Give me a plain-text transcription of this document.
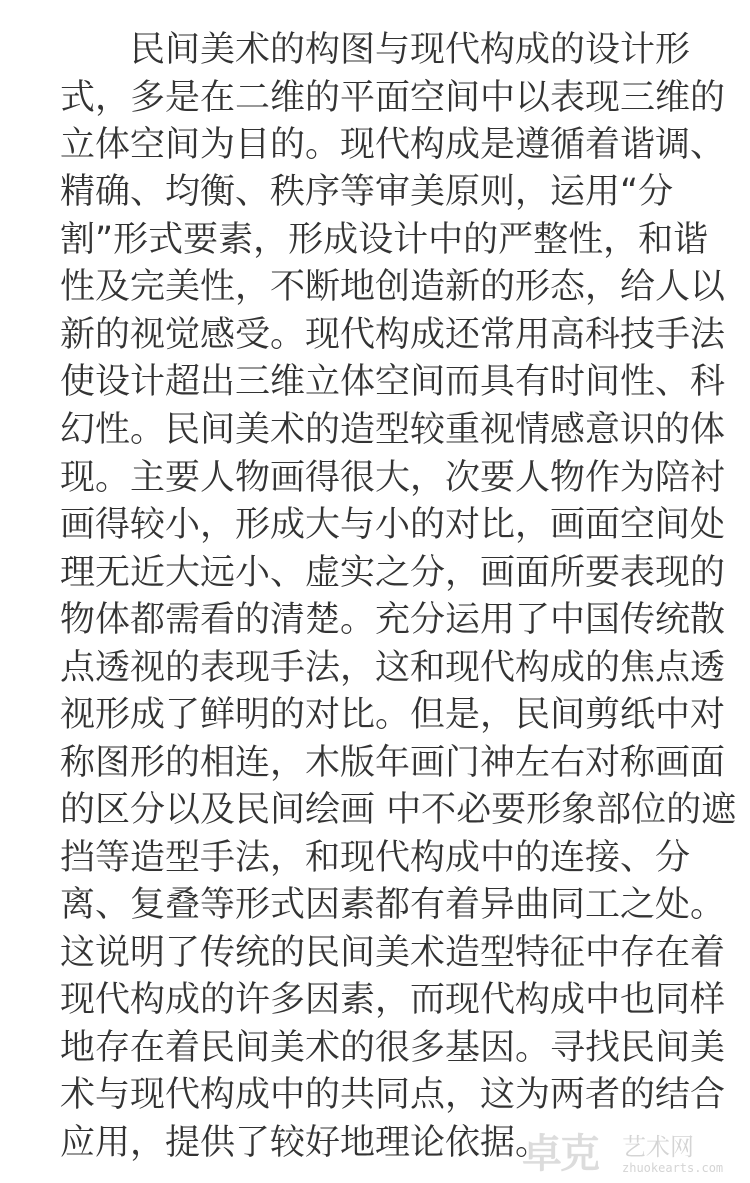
民间美术的构图与现代构成的设计形
式，多是在二维的平面空间中以表现三维的
立体空间为目的。现代构成是遵循着谐调、
精确、均衡、秩序等审美原则，运用“分
割”形式要素，形成设计中的严整性，和谐
性及完美性，不断地创造新的形态，给人以
新的视觉感受。现代构成还常用高科技手法
使设计超出三维立体空间而具有时间性、科
幻性。民间美术的造型较重视情感意识的体
现。主要人物画得很大，次要人物作为陪衬
画得较小，形成大与小的对比，画面空间处
理无近大远小、虚实之分，画面所要表现的
物体都需看的清楚。充分运用了中国传统散
点透视的表现手法，这和现代构成的焦点透
视形成了鲜明的对比。但是，民间剪纸中对
称图形的相连，木版年画门神左右对称画面
的区分以及民间绘画 中不必要形象部位的遮
挡等造型手法，和现代构成中的连接、分
离、复叠等形式因素都有着异曲同工之处。
这说明了传统的民间美术造型特征中存在着
现代构成的许多因素，而现代构成中也同样
地存在着民间美术的很多基因。寻找民间美
术与现代构成中的共同点，这为两者的结合
应用，提供了较好地理论依据。
卓克 艺术网
zhuokearts.com
